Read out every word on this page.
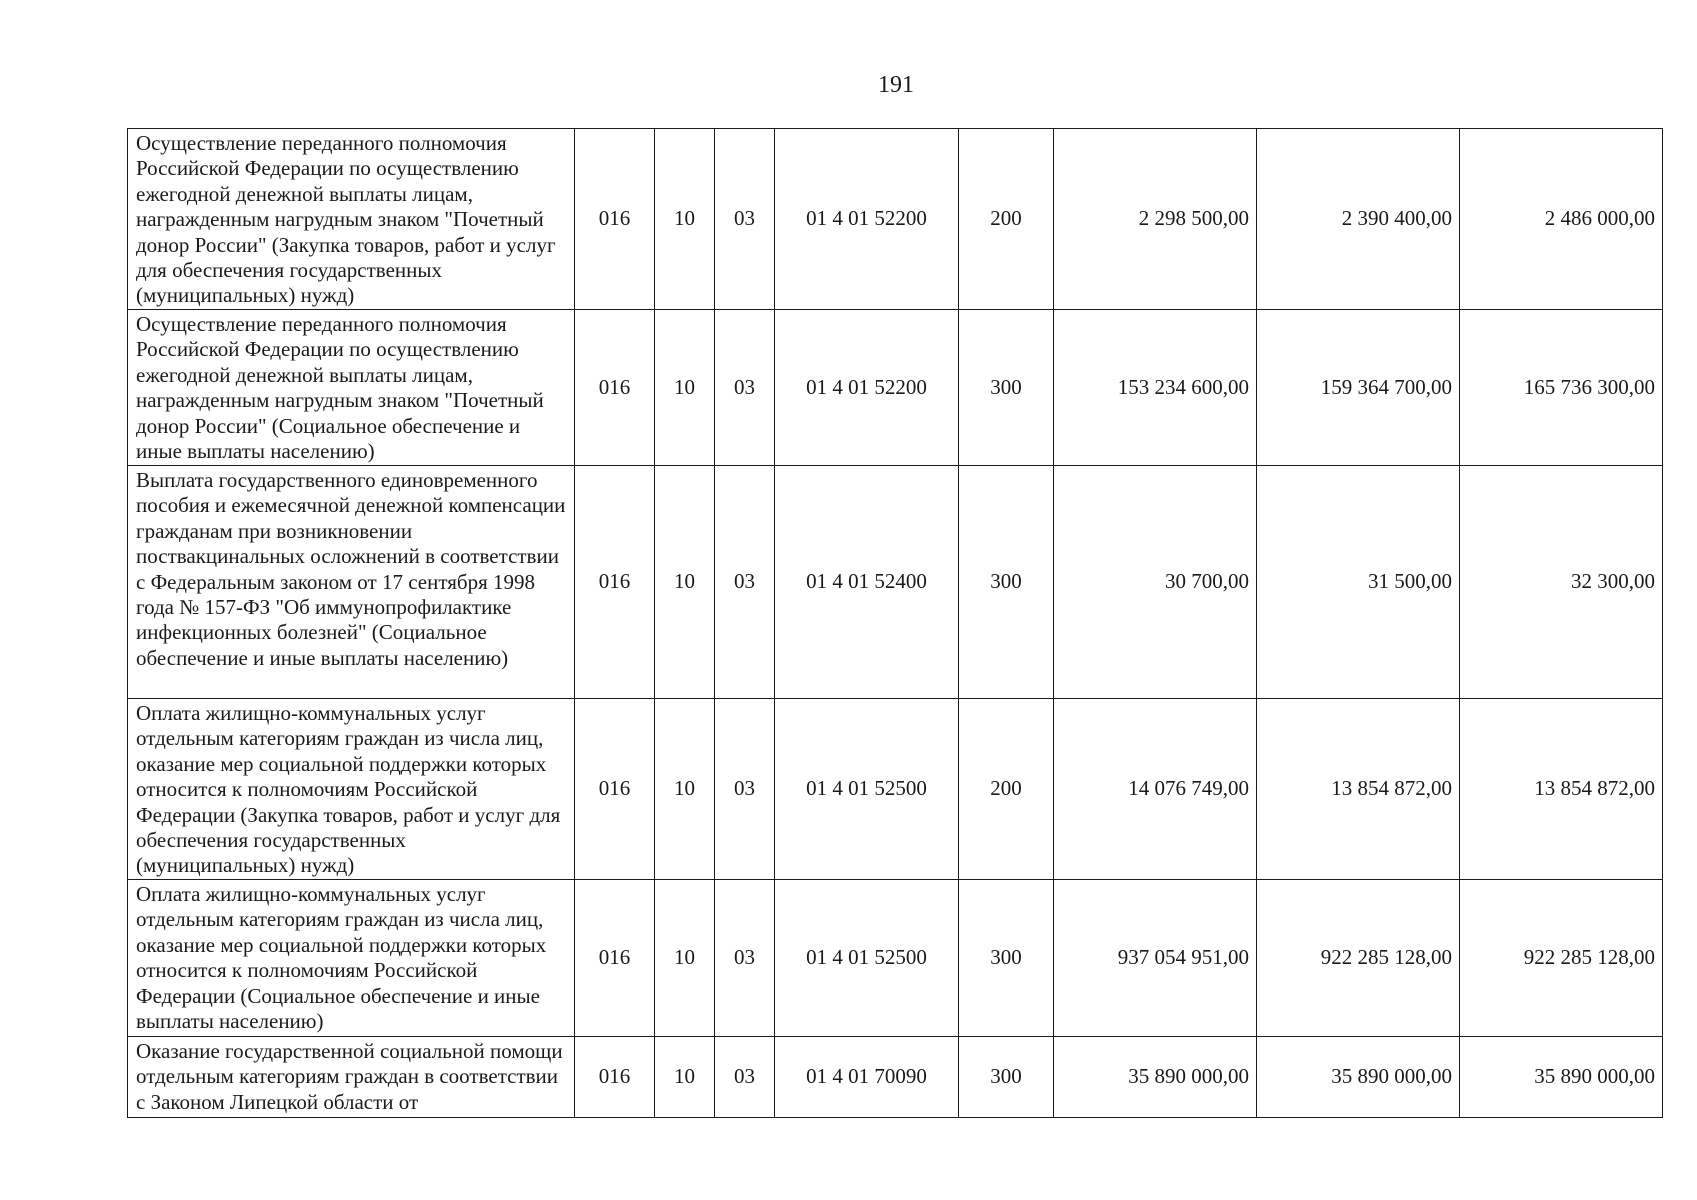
191
Осуществление переданного полномочия Российской Федерации по осуществлению ежегодной денежной выплаты лицам, награжденным нагрудным знаком "Почетный донор России" (Закупка товаров, работ и услуг для обеспечения государственных (муниципальных) нужд)	016	10	03	01 4 01 52200	200	2 298 500,00	2 390 400,00	2 486 000,00
Осуществление переданного полномочия Российской Федерации по осуществлению ежегодной денежной выплаты лицам, награжденным нагрудным знаком "Почетный донор России" (Социальное обеспечение и иные выплаты населению)	016	10	03	01 4 01 52200	300	153 234 600,00	159 364 700,00	165 736 300,00
Выплата государственного единовременного пособия и ежемесячной денежной компенсации гражданам при возникновении поствакцинальных осложнений в соответствии с Федеральным законом от 17 сентября 1998 года № 157-ФЗ "Об иммунопрофилактике инфекционных болезней" (Социальное обеспечение и иные выплаты населению)	016	10	03	01 4 01 52400	300	30 700,00	31 500,00	32 300,00
Оплата жилищно-коммунальных услуг отдельным категориям граждан из числа лиц, оказание мер социальной поддержки которых относится к полномочиям Российской Федерации (Закупка товаров, работ и услуг для обеспечения государственных (муниципальных) нужд)	016	10	03	01 4 01 52500	200	14 076 749,00	13 854 872,00	13 854 872,00
Оплата жилищно-коммунальных услуг отдельным категориям граждан из числа лиц, оказание мер социальной поддержки которых относится к полномочиям Российской Федерации (Социальное обеспечение и иные выплаты населению)	016	10	03	01 4 01 52500	300	937 054 951,00	922 285 128,00	922 285 128,00
Оказание государственной социальной помощи отдельным категориям граждан в соответствии с Законом Липецкой области от	016	10	03	01 4 01 70090	300	35 890 000,00	35 890 000,00	35 890 000,00
